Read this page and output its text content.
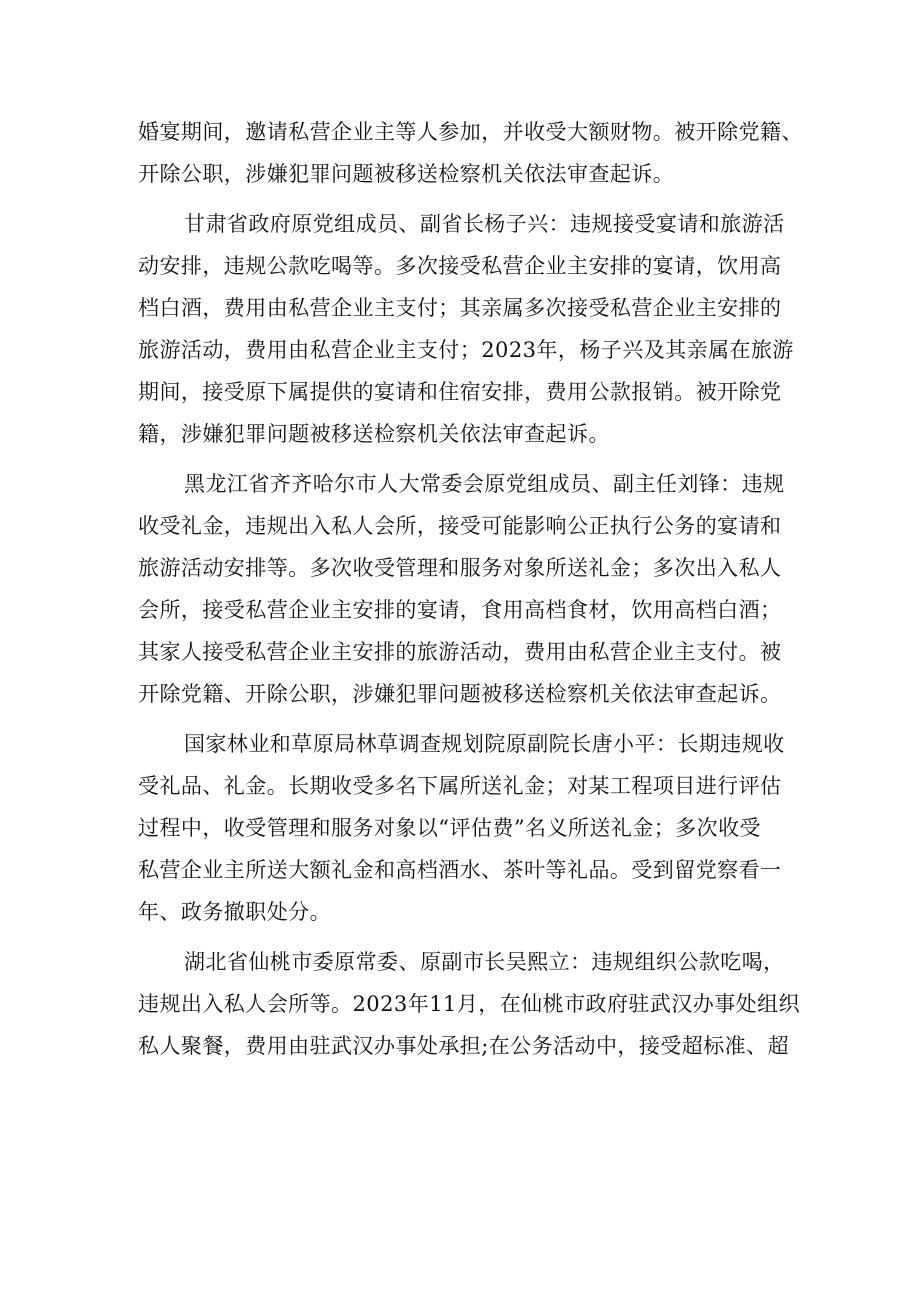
婚宴期间，邀请私营企业主等人参加，并收受大额财物。被开除党籍、
开除公职，涉嫌犯罪问题被移送检察机关依法审查起诉。

甘肃省政府原党组成员、副省长杨子兴：违规接受宴请和旅游活
动安排，违规公款吃喝等。多次接受私营企业主安排的宴请，饮用高
档白酒，费用由私营企业主支付；其亲属多次接受私营企业主安排的
旅游活动，费用由私营企业主支付；2023年，杨子兴及其亲属在旅游
期间，接受原下属提供的宴请和住宿安排，费用公款报销。被开除党
籍，涉嫌犯罪问题被移送检察机关依法审查起诉。

黑龙江省齐齐哈尔市人大常委会原党组成员、副主任刘锋：违规
收受礼金，违规出入私人会所，接受可能影响公正执行公务的宴请和
旅游活动安排等。多次收受管理和服务对象所送礼金；多次出入私人
会所，接受私营企业主安排的宴请，食用高档食材，饮用高档白酒；
其家人接受私营企业主安排的旅游活动，费用由私营企业主支付。被
开除党籍、开除公职，涉嫌犯罪问题被移送检察机关依法审查起诉。

国家林业和草原局林草调查规划院原副院长唐小平：长期违规收
受礼品、礼金。长期收受多名下属所送礼金；对某工程项目进行评估
过程中，收受管理和服务对象以“评估费”名义所送礼金；多次收受
私营企业主所送大额礼金和高档酒水、茶叶等礼品。受到留党察看一
年、政务撤职处分。

湖北省仙桃市委原常委、原副市长吴熙立：违规组织公款吃喝，
违规出入私人会所等。2023年11月，在仙桃市政府驻武汉办事处组织
私人聚餐，费用由驻武汉办事处承担;在公务活动中，接受超标准、超
